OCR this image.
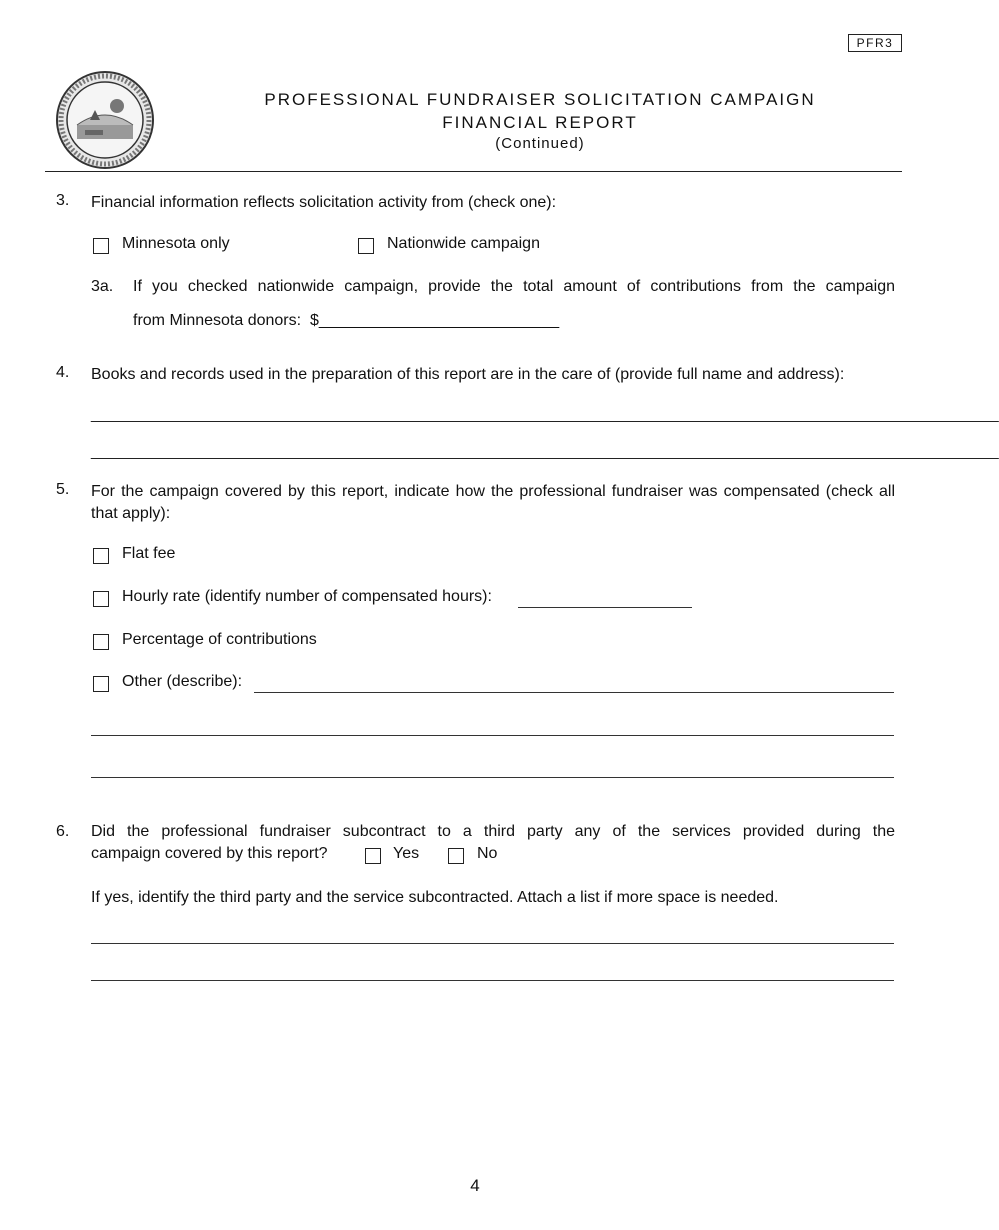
PFR3
PROFESSIONAL FUNDRAISER SOLICITATION CAMPAIGN
FINANCIAL REPORT
(Continued)
3. Financial information reflects solicitation activity from (check one):
Minnesota only	Nationwide campaign
3a. If you checked nationwide campaign, provide the total amount of contributions from the campaign
from Minnesota donors:  $___________________________
4. Books and records used in the preparation of this report are in the care of (provide full name and address):
______________________________________________________________________________________________________
______________________________________________________________________________________________________
5. For the campaign covered by this report, indicate how the professional fundraiser was compensated (check all that apply):
Flat fee
Hourly rate (identify number of compensated hours):
Percentage of contributions
Other (describe):
6. Did the professional fundraiser subcontract to a third party any of the services provided during the
campaign covered by this report?	Yes	No
If yes, identify the third party and the service subcontracted. Attach a list if more space is needed.
4
